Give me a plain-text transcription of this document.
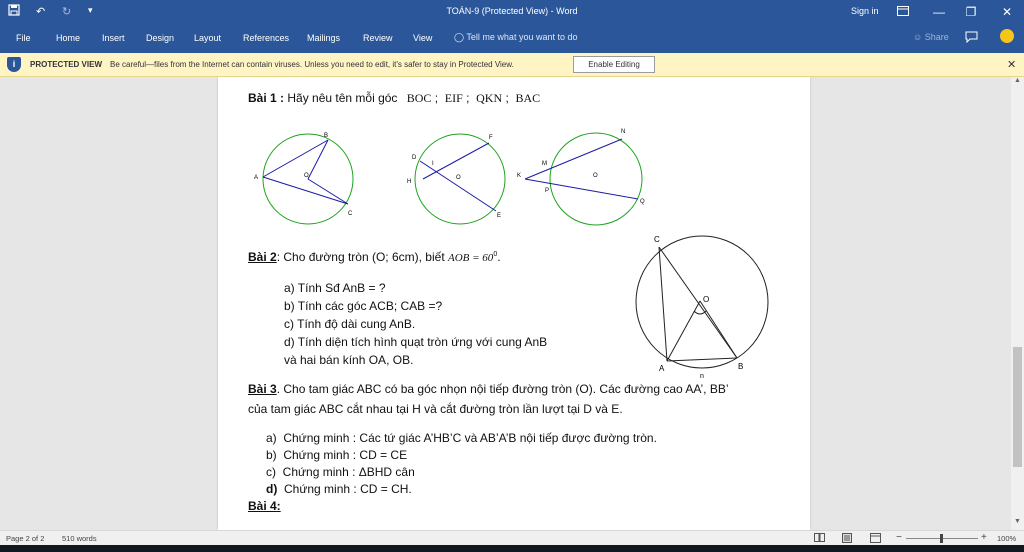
↶ ↻ ▾	TOÁN-9 (Protected View) - Word	Sign in	—	❐	✕
File	Home Insert Design Layout References Mailings	Review View ◯ Tell me what you want to do	☺ Share
i	PROTECTED VIEW Be careful—files from the Internet can contain viruses. Unless you need to edit, it's safer to stay in Protected View.	Enable Editing	✕
Bài 1 : Hãy nêu tên mỗi góc BOC ;  EIF ;  QKN ;  BAC
A
B
C
O
D
F
I
H
O
E
N
M
K
P
O
Q
Bài 2: Cho đường tròn (O; 6cm), biết AOB = $60^0$.
a) Tính Sđ AnB = ?
b) Tính các góc ACB; CAB =?
c) Tính độ dài cung AnB.
d) Tính diện tích hình quạt tròn ứng với cung AnB
và hai bán kính OA, OB.
C
O
A	B
n
Bài 3. Cho tam giác ABC có ba góc nhọn nội tiếp đường tròn (O). Các đường cao AA’, BB’
của tam giác ABC cắt nhau tại H và cắt đường tròn lần lượt tại D và E.
a) Chứng minh : Các tứ giác A’HB’C và AB’A’B nội tiếp được đường tròn.
b) Chứng minh : CD = CE
c) Chứng minh : ΔBHD cân
d) Chứng minh : CD = CH.
Bài 4:
▲
▼
Page 2 of 2 510 words	−	+ 100%
